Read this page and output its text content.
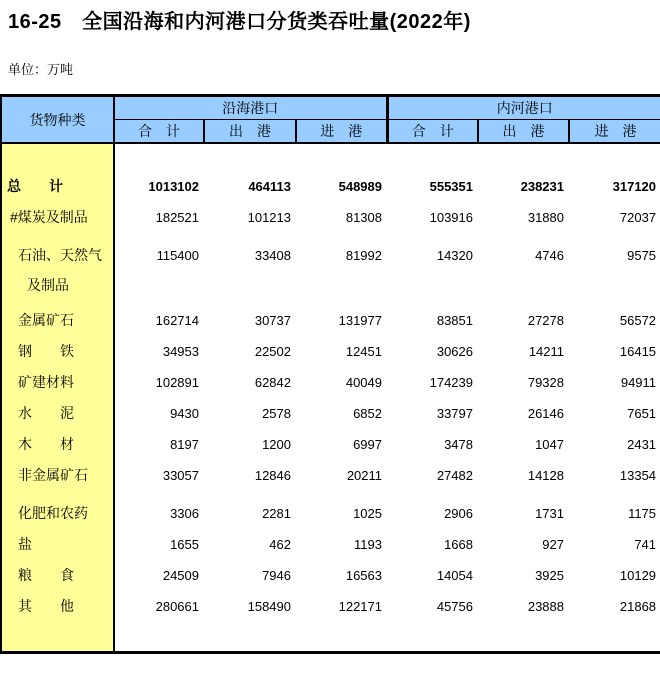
16-25　全国沿海和内河港口分货类吞吐量(2022年)
单位：万吨
货物种类	沿海港口			内河港口		
	合　计	出　港	进　港	合　计	出　港	进　港

总　　计	1013102	464113	548989	555351	238231	317120
#煤炭及制品	182521	101213	81308	103916	31880	72037

石油、天然气
及制品	115400	33408	81992	14320	4746	9575
金属矿石	162714	30737	131977	83851	27278	56572
钢　　铁	34953	22502	12451	30626	14211	16415
矿建材料	102891	62842	40049	174239	79328	94911
水　　泥	9430	2578	6852	33797	26146	7651
木　　材	8197	1200	6997	3478	1047	2431
非金属矿石	33057	12846	20211	27482	14128	13354
化肥和农药	3306	2281	1025	2906	1731	1175
盐	1655	462	1193	1668	927	741
粮　　食	24509	7946	16563	14054	3925	10129
其　　他	280661	158490	122171	45756	23888	21868
